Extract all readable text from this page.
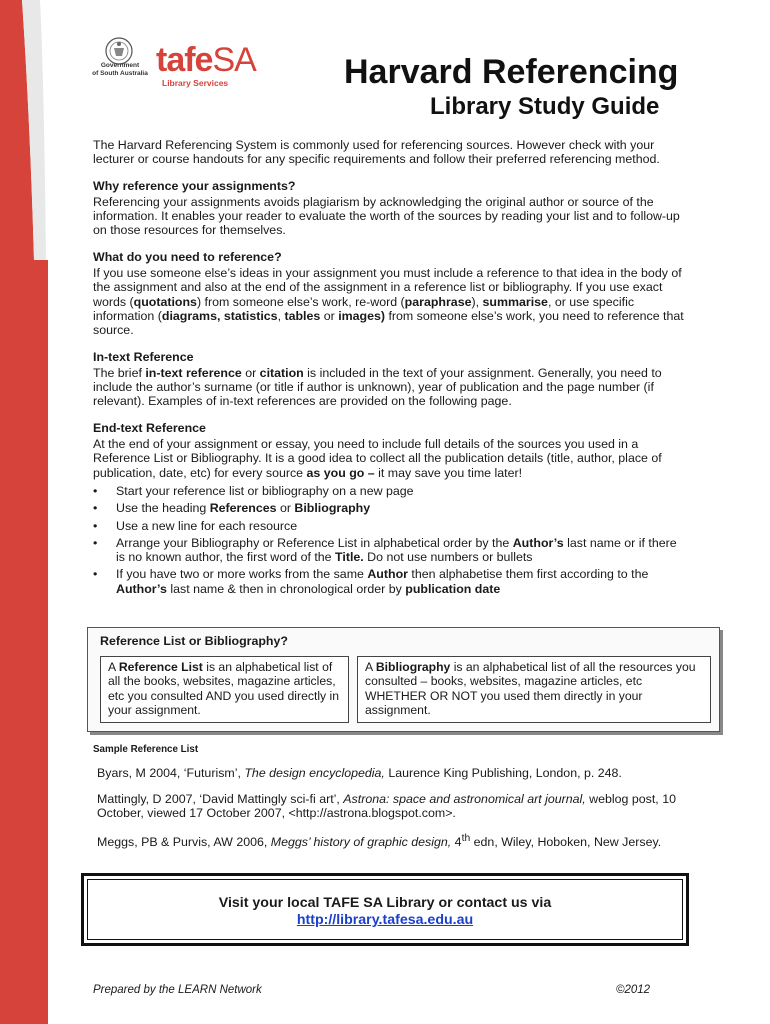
Government
of South Australia tafeSA
Library Services	Harvard Referencing
Library Study Guide

The Harvard Referencing System is commonly used for referencing sources. However check with your lecturer or course handouts for any specific requirements and follow their preferred referencing method.

Why reference your assignments?

Referencing your assignments avoids plagiarism by acknowledging the original author or source of the information. It enables your reader to evaluate the worth of the sources by reading your list and to follow-up on those resources for themselves.

What do you need to reference?

If you use someone else’s ideas in your assignment you must include a reference to that idea in the body of the assignment and also at the end of the assignment in a reference list or bibliography. If you use exact words (quotations) from someone else’s work, re-word (paraphrase), summarise, or use specific information (diagrams, statistics, tables or images) from someone else’s work, you need to reference that source.

In-text Reference

The brief in-text reference or citation is included in the text of your assignment. Generally, you need to include the author’s surname (or title if author is unknown), year of publication and the page number (if relevant). Examples of in-text references are provided on the following page.

End-text Reference

At the end of your assignment or essay, you need to include full details of the sources you used in a Reference List or Bibliography. It is a good idea to collect all the publication details (title, author, place of publication, date, etc) for every source as you go – it may save you time later!

• Start your reference list or bibliography on a new page
• Use the heading References or Bibliography
• Use a new line for each resource
• Arrange your Bibliography or Reference List in alphabetical order by the Author’s last name or if there is no known author, the first word of the Title. Do not use numbers or bullets
• If you have two or more works from the same Author then alphabetise them first according to the Author’s last name & then in chronological order by publication date
Reference List or Bibliography?
A Reference List is an alphabetical list of all the books, websites, magazine articles, etc you consulted AND you used directly in your assignment.
A Bibliography is an alphabetical list of all the resources you consulted – books, websites, magazine articles, etc WHETHER OR NOT you used them directly in your assignment.
Sample Reference List

Byars, M 2004, ‘Futurism’, The design encyclopedia, Laurence King Publishing, London, p. 248.

Mattingly, D 2007, ‘David Mattingly sci-fi art’, Astrona: space and astronomical art journal, weblog post, 10 October, viewed 17 October 2007, <http://astrona.blogspot.com>.

Meggs, PB & Purvis, AW 2006, Meggs’ history of graphic design, 4th edn, Wiley, Hoboken, New Jersey.

Visit your local TAFE SA Library or contact us via
http://library.tafesa.edu.au
Prepared by the LEARN Network	©2012
